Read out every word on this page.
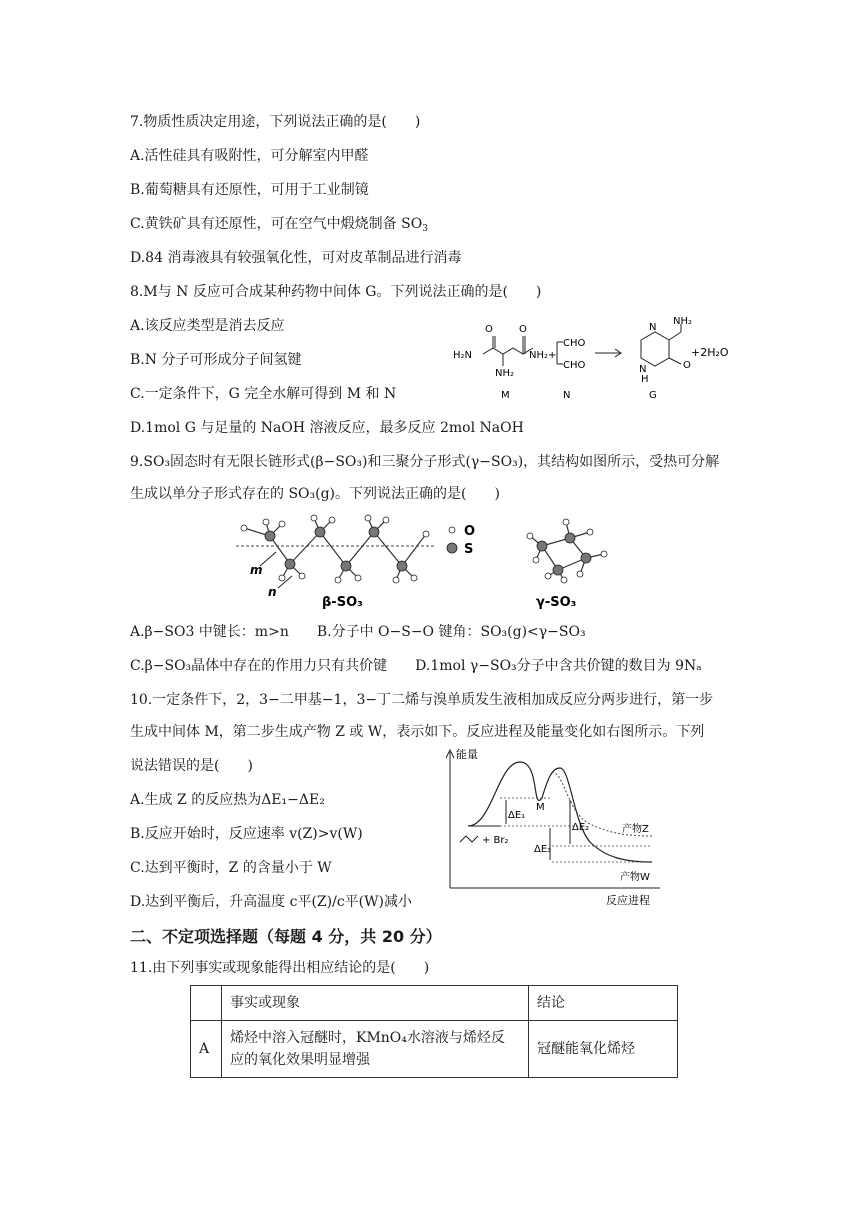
7.物质性质决定用途，下列说法正确的是(　　)
A.活性硅具有吸附性，可分解室内甲醛
B.葡萄糖具有还原性，可用于工业制镜
C.黄铁矿具有还原性，可在空气中煅烧制备 $SO_3$
D.84 消毒液具有较强氧化性，可对皮革制品进行消毒
8.M与 N 反应可合成某种药物中间体 G。下列说法正确的是(　　)
A.该反应类型是消去反应
B.N 分子可形成分子间氢键
C.一定条件下，G 完全水解可得到 M 和 N
D.1mol G 与足量的 NaOH 溶液反应，最多反应 2mol NaOH
O	O
H₂N
NH₂
NH₂+
CHO
CHO
NH₂
N
N
H
O
+2H₂O
M	N	G
9.SO₃固态时有无限长链形式(β−SO₃)和三聚分子形式(γ−SO₃)，其结构如图所示，受热可分解
生成以单分子形式存在的 SO₃(g)。下列说法正确的是(　　)
m
n
β-SO₃
O
S
γ-SO₃
A.β−SO3 中键长：m>n　　B.分子中 O−S−O 键角：SO₃(g)<γ−SO₃
C.β−SO₃晶体中存在的作用力只有共价键　　D.1mol γ−SO₃分子中含共价键的数目为 9Nₐ
10.一定条件下，2，3−二甲基−1，3−丁二烯与溴单质发生液相加成反应分两步进行，第一步
生成中间体 M，第二步生成产物 Z 或 W，表示如下。反应进程及能量变化如右图所示。下列
说法错误的是(　　)
A.生成 Z 的反应热为ΔE₁−ΔE₂
B.反应开始时，反应速率 v(Z)>v(W)
C.达到平衡时，Z 的含量小于 W
D.达到平衡后，升高温度 c平(Z)/c平(W)减小
能量
反应进程
ΔE₁
M
ΔE₂
ΔE₃
+ Br₂
产物Z
产物W
二、不定项选择题（每题 4 分，共 20 分）
11.由下列事实或现象能得出相应结论的是(　　)
	事实或现象	结论
A	烯烃中溶入冠醚时，KMnO₄水溶液与烯烃反
应的氧化效果明显增强	冠醚能氧化烯烃
